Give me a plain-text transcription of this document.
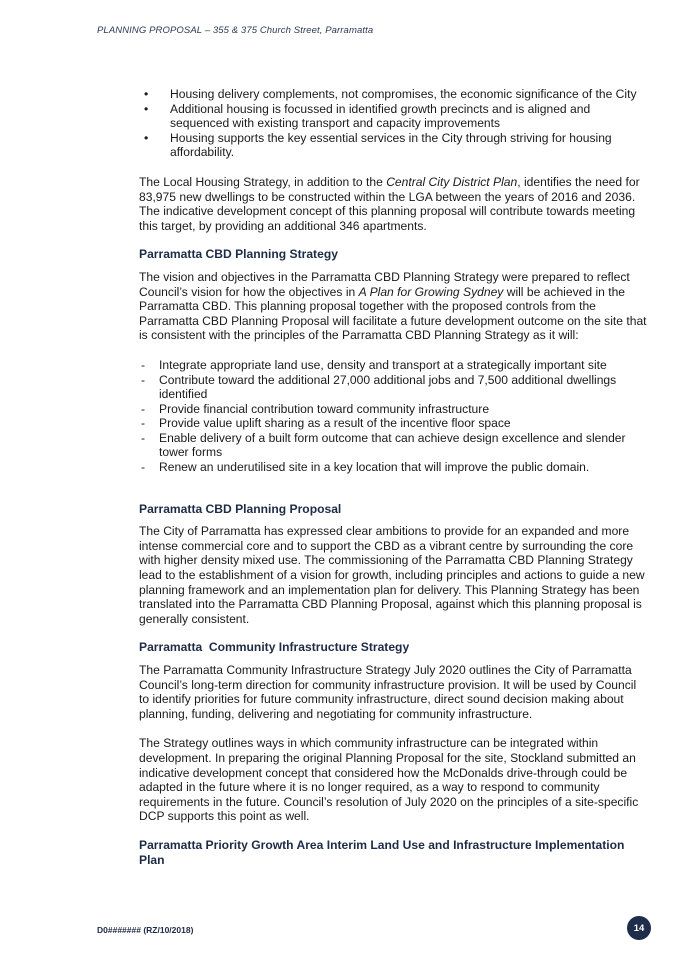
PLANNING PROPOSAL – 355 & 375 Church Street, Parramatta
• Housing delivery complements, not compromises, the economic significance of the City
• Additional housing is focussed in identified growth precincts and is aligned and sequenced with existing transport and capacity improvements
• Housing supports the key essential services in the City through striving for housing affordability.

The Local Housing Strategy, in addition to the Central City District Plan, identifies the need for 83,975 new dwellings to be constructed within the LGA between the years of 2016 and 2036. The indicative development concept of this planning proposal will contribute towards meeting this target, by providing an additional 346 apartments.

Parramatta CBD Planning Strategy

The vision and objectives in the Parramatta CBD Planning Strategy were prepared to reflect Council’s vision for how the objectives in A Plan for Growing Sydney will be achieved in the Parramatta CBD. This planning proposal together with the proposed controls from the Parramatta CBD Planning Proposal will facilitate a future development outcome on the site that is consistent with the principles of the Parramatta CBD Planning Strategy as it will:

- Integrate appropriate land use, density and transport at a strategically important site
- Contribute toward the additional 27,000 additional jobs and 7,500 additional dwellings identified
- Provide financial contribution toward community infrastructure
- Provide value uplift sharing as a result of the incentive floor space
- Enable delivery of a built form outcome that can achieve design excellence and slender tower forms
- Renew an underutilised site in a key location that will improve the public domain.
Parramatta CBD Planning Proposal

The City of Parramatta has expressed clear ambitions to provide for an expanded and more intense commercial core and to support the CBD as a vibrant centre by surrounding the core with higher density mixed use. The commissioning of the Parramatta CBD Planning Strategy lead to the establishment of a vision for growth, including principles and actions to guide a new planning framework and an implementation plan for delivery. This Planning Strategy has been translated into the Parramatta CBD Planning Proposal, against which this planning proposal is generally consistent.

Parramatta  Community Infrastructure Strategy

The Parramatta Community Infrastructure Strategy July 2020 outlines the City of Parramatta Council’s long-term direction for community infrastructure provision. It will be used by Council to identify priorities for future community infrastructure, direct sound decision making about planning, funding, delivering and negotiating for community infrastructure.

The Strategy outlines ways in which community infrastructure can be integrated within development. In preparing the original Planning Proposal for the site, Stockland submitted an indicative development concept that considered how the McDonalds drive-through could be adapted in the future where it is no longer required, as a way to respond to community requirements in the future. Council’s resolution of July 2020 on the principles of a site-specific DCP supports this point as well.

Parramatta Priority Growth Area Interim Land Use and Infrastructure Implementation Plan
D0####### (RZ/10/2018)	14
